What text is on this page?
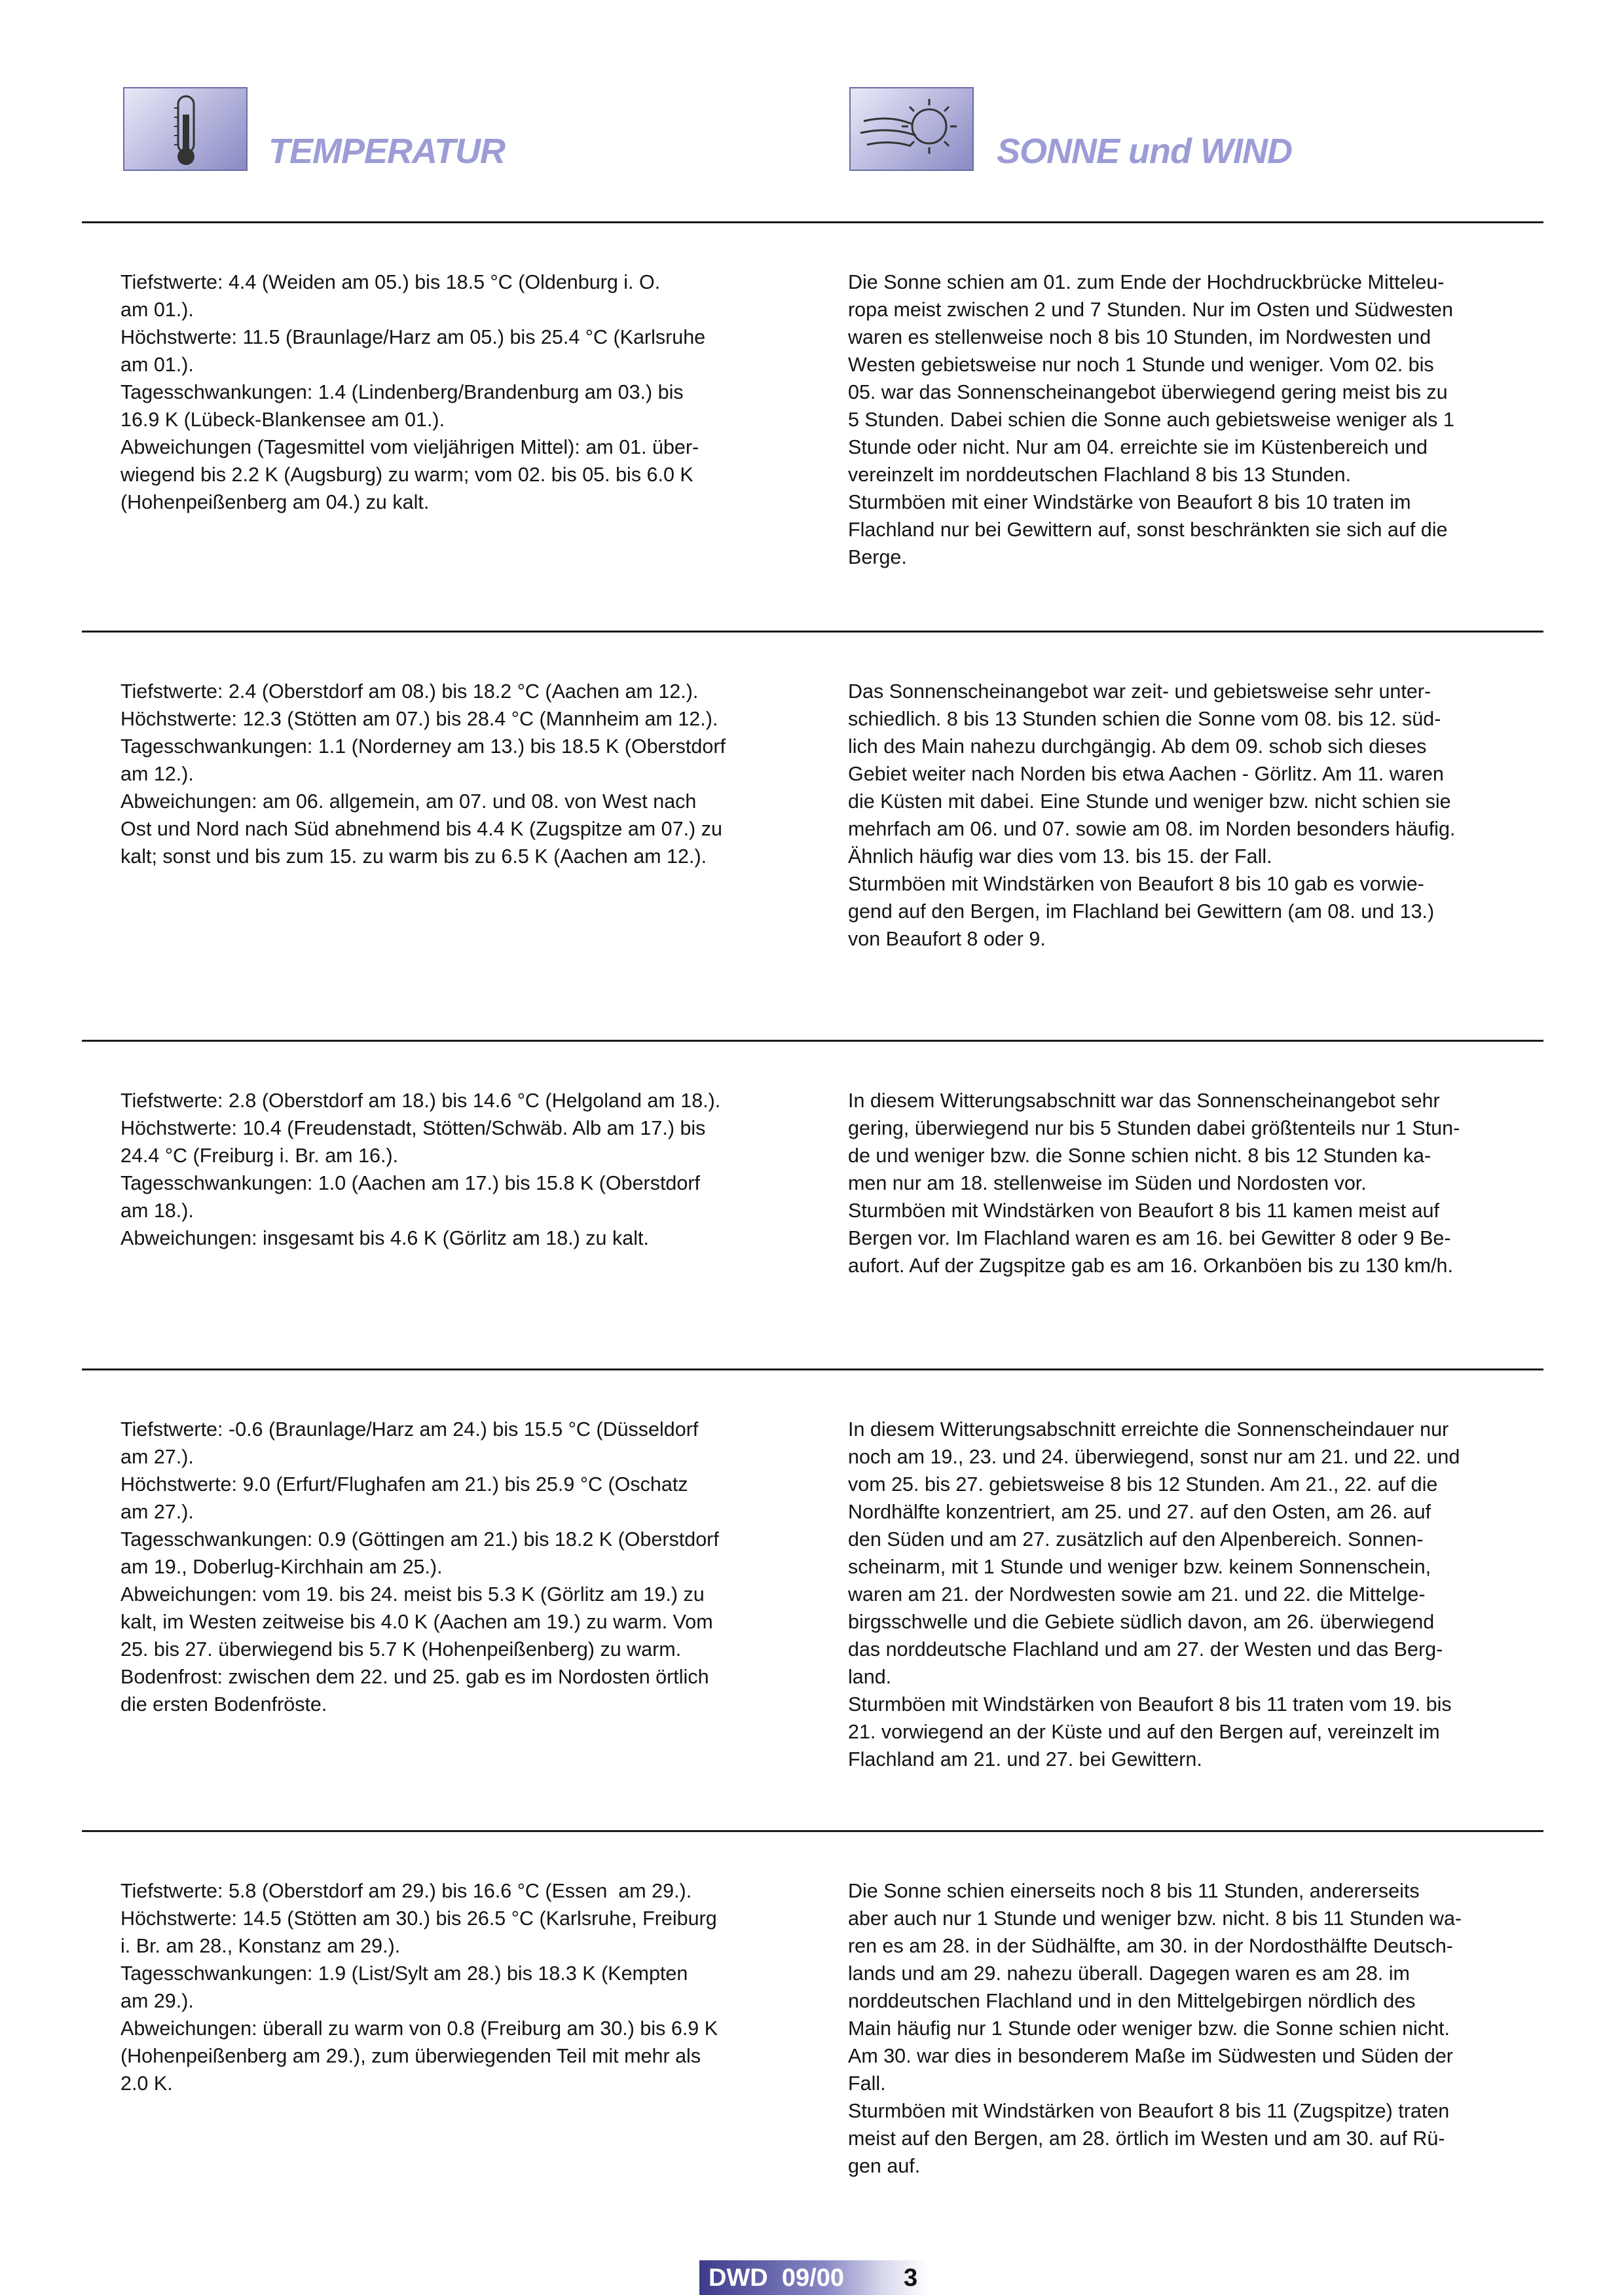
TEMPERATUR	SONNE und WIND
Tiefstwerte: 4.4 (Weiden am 05.) bis 18.5 °C (Oldenburg i. O.
am 01.).
Höchstwerte: 11.5 (Braunlage/Harz am 05.) bis 25.4 °C (Karlsruhe
am 01.).
Tagesschwankungen: 1.4 (Lindenberg/Brandenburg am 03.) bis
16.9 K (Lübeck-Blankensee am 01.).
Abweichungen (Tagesmittel vom vieljährigen Mittel): am 01. über-
wiegend bis 2.2 K (Augsburg) zu warm; vom 02. bis 05. bis 6.0 K
(Hohenpeißenberg am 04.) zu kalt.
Die Sonne schien am 01. zum Ende der Hochdruckbrücke Mitteleu-
ropa meist zwischen 2 und 7 Stunden. Nur im Osten und Südwesten
waren es stellenweise noch 8 bis 10 Stunden, im Nordwesten und
Westen gebietsweise nur noch 1 Stunde und weniger. Vom 02. bis
05. war das Sonnenscheinangebot überwiegend gering meist bis zu
5 Stunden. Dabei schien die Sonne auch gebietsweise weniger als 1
Stunde oder nicht. Nur am 04. erreichte sie im Küstenbereich und
vereinzelt im norddeutschen Flachland 8 bis 13 Stunden.
Sturmböen mit einer Windstärke von Beaufort 8 bis 10 traten im
Flachland nur bei Gewittern auf, sonst beschränkten sie sich auf die
Berge.
Tiefstwerte: 2.4 (Oberstdorf am 08.) bis 18.2 °C (Aachen am 12.).
Höchstwerte: 12.3 (Stötten am 07.) bis 28.4 °C (Mannheim am 12.).
Tagesschwankungen: 1.1 (Norderney am 13.) bis 18.5 K (Oberstdorf
am 12.).
Abweichungen: am 06. allgemein, am 07. und 08. von West nach
Ost und Nord nach Süd abnehmend bis 4.4 K (Zugspitze am 07.) zu
kalt; sonst und bis zum 15. zu warm bis zu 6.5 K (Aachen am 12.).
Das Sonnenscheinangebot war zeit- und gebietsweise sehr unter-
schiedlich. 8 bis 13 Stunden schien die Sonne vom 08. bis 12. süd-
lich des Main nahezu durchgängig. Ab dem 09. schob sich dieses
Gebiet weiter nach Norden bis etwa Aachen - Görlitz. Am 11. waren
die Küsten mit dabei. Eine Stunde und weniger bzw. nicht schien sie
mehrfach am 06. und 07. sowie am 08. im Norden besonders häufig.
Ähnlich häufig war dies vom 13. bis 15. der Fall.
Sturmböen mit Windstärken von Beaufort 8 bis 10 gab es vorwie-
gend auf den Bergen, im Flachland bei Gewittern (am 08. und 13.)
von Beaufort 8 oder 9.
Tiefstwerte: 2.8 (Oberstdorf am 18.) bis 14.6 °C (Helgoland am 18.).
Höchstwerte: 10.4 (Freudenstadt, Stötten/Schwäb. Alb am 17.) bis
24.4 °C (Freiburg i. Br. am 16.).
Tagesschwankungen: 1.0 (Aachen am 17.) bis 15.8 K (Oberstdorf
am 18.).
Abweichungen: insgesamt bis 4.6 K (Görlitz am 18.) zu kalt.
In diesem Witterungsabschnitt war das Sonnenscheinangebot sehr
gering, überwiegend nur bis 5 Stunden dabei größtenteils nur 1 Stun-
de und weniger bzw. die Sonne schien nicht. 8 bis 12 Stunden ka-
men nur am 18. stellenweise im Süden und Nordosten vor.
Sturmböen mit Windstärken von Beaufort 8 bis 11 kamen meist auf
Bergen vor. Im Flachland waren es am 16. bei Gewitter 8 oder 9 Be-
aufort. Auf der Zugspitze gab es am 16. Orkanböen bis zu 130 km/h.
Tiefstwerte: -0.6 (Braunlage/Harz am 24.) bis 15.5 °C (Düsseldorf
am 27.).
Höchstwerte: 9.0 (Erfurt/Flughafen am 21.) bis 25.9 °C (Oschatz
am 27.).
Tagesschwankungen: 0.9 (Göttingen am 21.) bis 18.2 K (Oberstdorf
am 19., Doberlug-Kirchhain am 25.).
Abweichungen: vom 19. bis 24. meist bis 5.3 K (Görlitz am 19.) zu
kalt, im Westen zeitweise bis 4.0 K (Aachen am 19.) zu warm. Vom
25. bis 27. überwiegend bis 5.7 K (Hohenpeißenberg) zu warm.
Bodenfrost: zwischen dem 22. und 25. gab es im Nordosten örtlich
die ersten Bodenfröste.
In diesem Witterungsabschnitt erreichte die Sonnenscheindauer nur
noch am 19., 23. und 24. überwiegend, sonst nur am 21. und 22. und
vom 25. bis 27. gebietsweise 8 bis 12 Stunden. Am 21., 22. auf die
Nordhälfte konzentriert, am 25. und 27. auf den Osten, am 26. auf
den Süden und am 27. zusätzlich auf den Alpenbereich. Sonnen-
scheinarm, mit 1 Stunde und weniger bzw. keinem Sonnenschein,
waren am 21. der Nordwesten sowie am 21. und 22. die Mittelge-
birgsschwelle und die Gebiete südlich davon, am 26. überwiegend
das norddeutsche Flachland und am 27. der Westen und das Berg-
land.
Sturmböen mit Windstärken von Beaufort 8 bis 11 traten vom 19. bis
21. vorwiegend an der Küste und auf den Bergen auf, vereinzelt im
Flachland am 21. und 27. bei Gewittern.
Tiefstwerte: 5.8 (Oberstdorf am 29.) bis 16.6 °C (Essen  am 29.).
Höchstwerte: 14.5 (Stötten am 30.) bis 26.5 °C (Karlsruhe, Freiburg
i. Br. am 28., Konstanz am 29.).
Tagesschwankungen: 1.9 (List/Sylt am 28.) bis 18.3 K (Kempten
am 29.).
Abweichungen: überall zu warm von 0.8 (Freiburg am 30.) bis 6.9 K
(Hohenpeißenberg am 29.), zum überwiegenden Teil mit mehr als
2.0 K.
Die Sonne schien einerseits noch 8 bis 11 Stunden, andererseits
aber auch nur 1 Stunde und weniger bzw. nicht. 8 bis 11 Stunden wa-
ren es am 28. in der Südhälfte, am 30. in der Nordosthälfte Deutsch-
lands und am 29. nahezu überall. Dagegen waren es am 28. im
norddeutschen Flachland und in den Mittelgebirgen nördlich des
Main häufig nur 1 Stunde oder weniger bzw. die Sonne schien nicht.
Am 30. war dies in besonderem Maße im Südwesten und Süden der
Fall.
Sturmböen mit Windstärken von Beaufort 8 bis 11 (Zugspitze) traten
meist auf den Bergen, am 28. örtlich im Westen und am 30. auf Rü-
gen auf.
DWD  09/00 3
